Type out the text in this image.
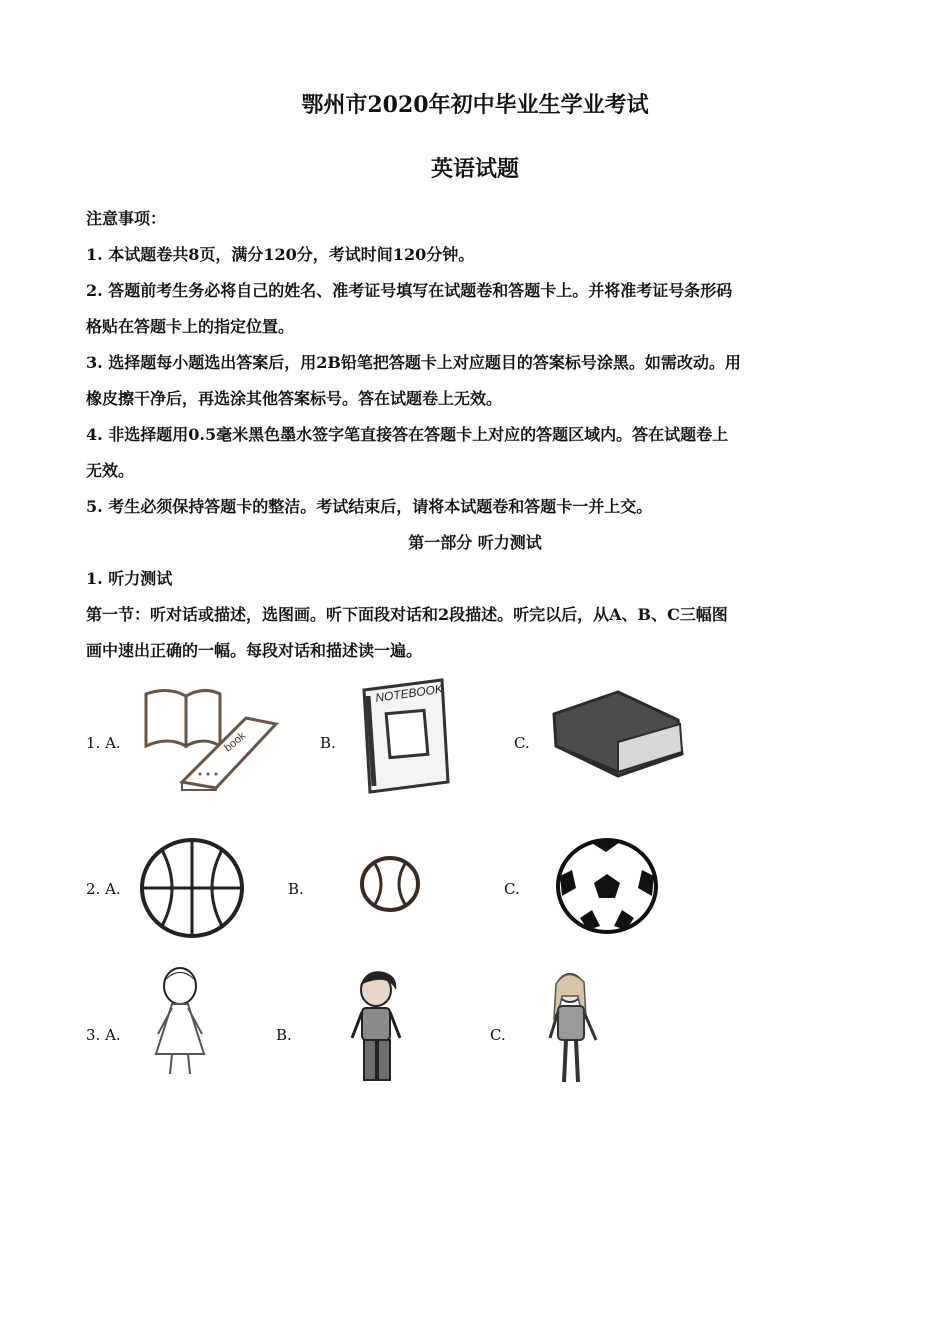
鄂州市2020年初中毕业生学业考试
英语试题
注意事项：
1. 本试题卷共8页，满分120分，考试时间120分钟。
2. 答题前考生务必将自己的姓名、准考证号填写在试题卷和答题卡上。并将准考证号条形码
格贴在答题卡上的指定位置。
3. 选择题每小题选出答案后，用2B铅笔把答题卡上对应题目的答案标号涂黑。如需改动。用
橡皮擦干净后，再选涂其他答案标号。答在试题卷上无效。
4. 非选择题用0.5毫米黑色墨水签字笔直接答在答题卡上对应的答题区域内。答在试题卷上
无效。
5. 考生必须保持答题卡的整洁。考试结束后，请将本试题卷和答题卡一并上交。
第一部分 听力测试
1. 听力测试
第一节：听对话或描述，选图画。听下面段对话和2段描述。听完以后，从A、B、C三幅图
画中速出正确的一幅。每段对话和描述读一遍。
1. A.	B.	C.
book
NOTEBOOK
2. A.	B.	C.
3. A.	B.	C.
